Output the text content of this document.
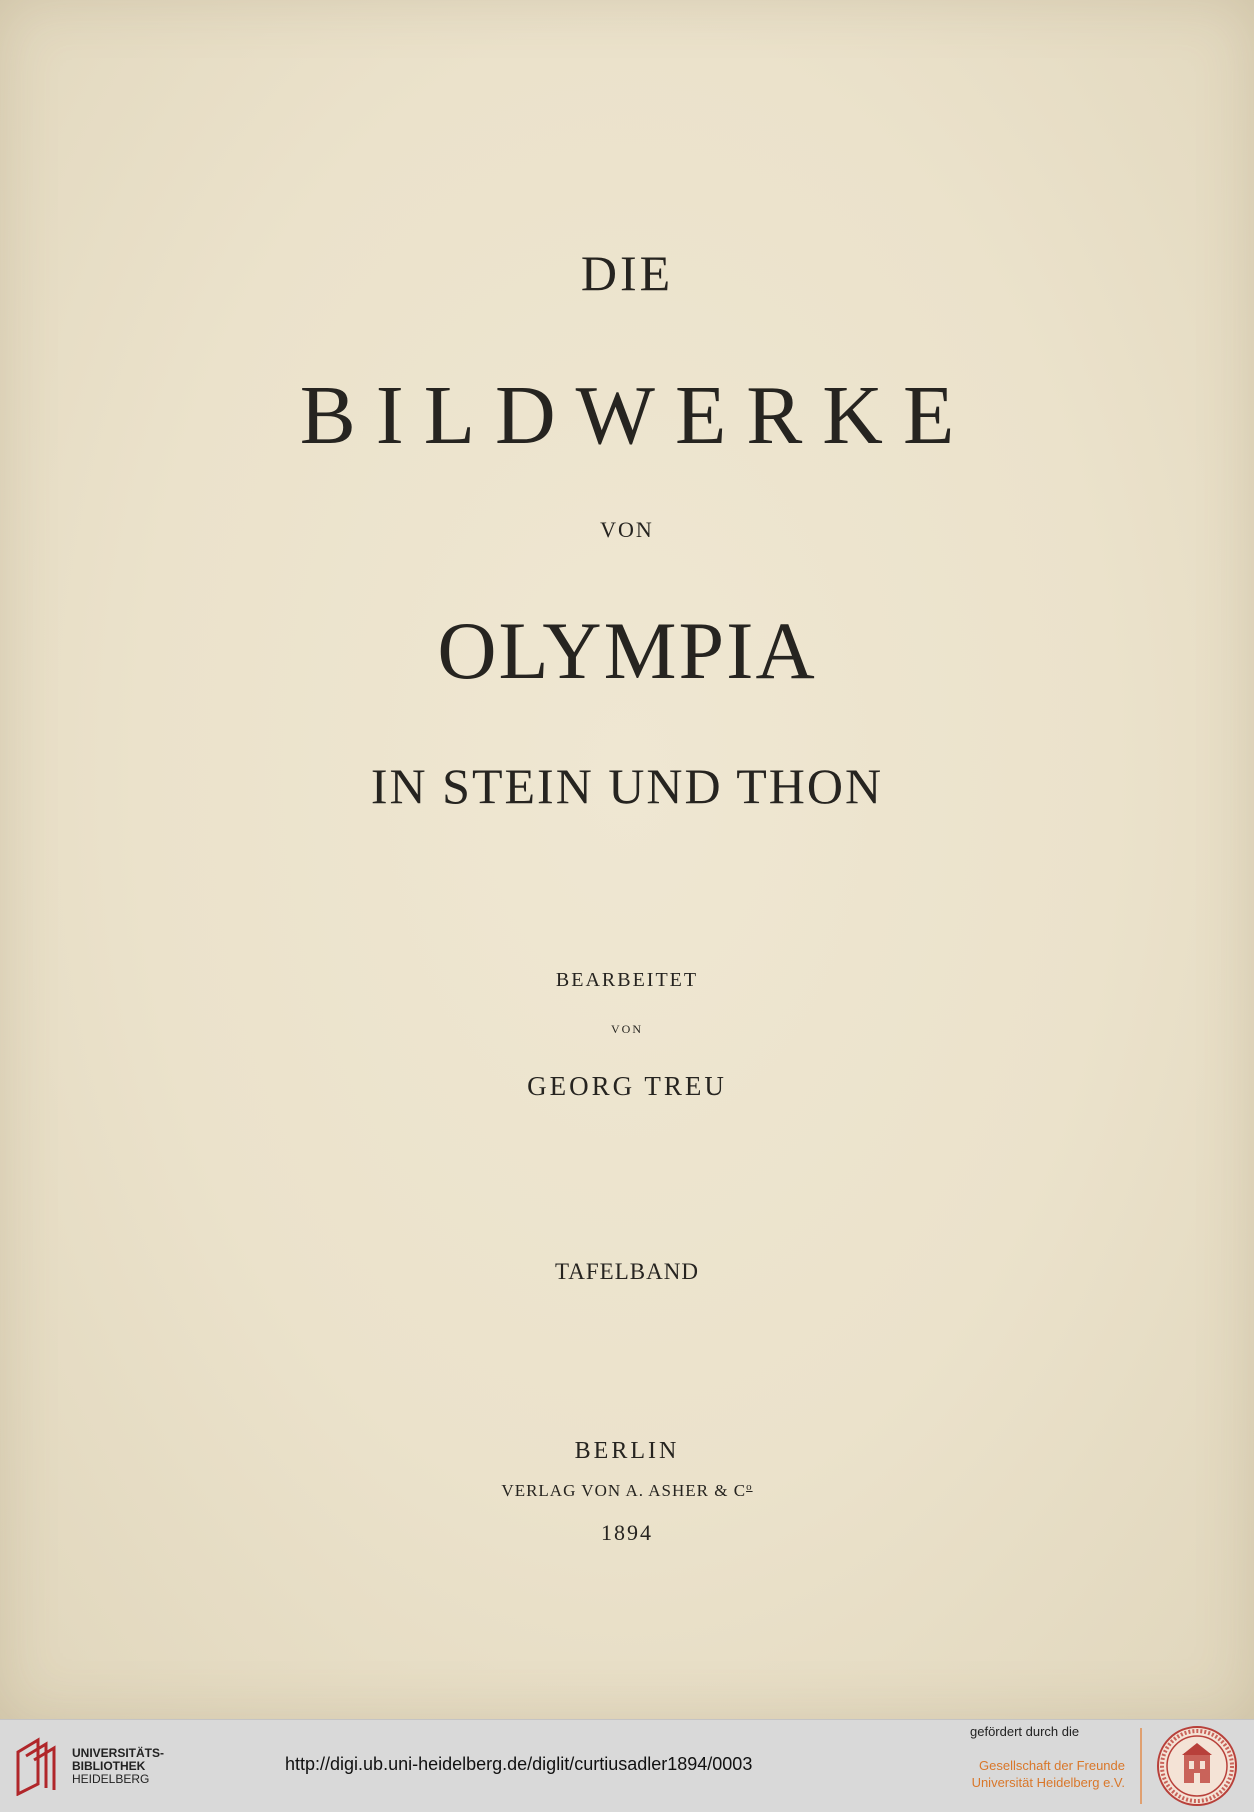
DIE
BILDWERKE
VON
OLYMPIA
IN STEIN UND THON
BEARBEITET
VON
GEORG TREU
TAFELBAND
BERLIN
VERLAG VON A. ASHER & $C^o$
1894
UNIVERSITÄTS-
BIBLIOTHEK
HEIDELBERG
http://digi.ub.uni-heidelberg.de/diglit/curtiusadler1894/0003
gefördert durch die
Gesellschaft der Freunde
Universität Heidelberg e.V.
